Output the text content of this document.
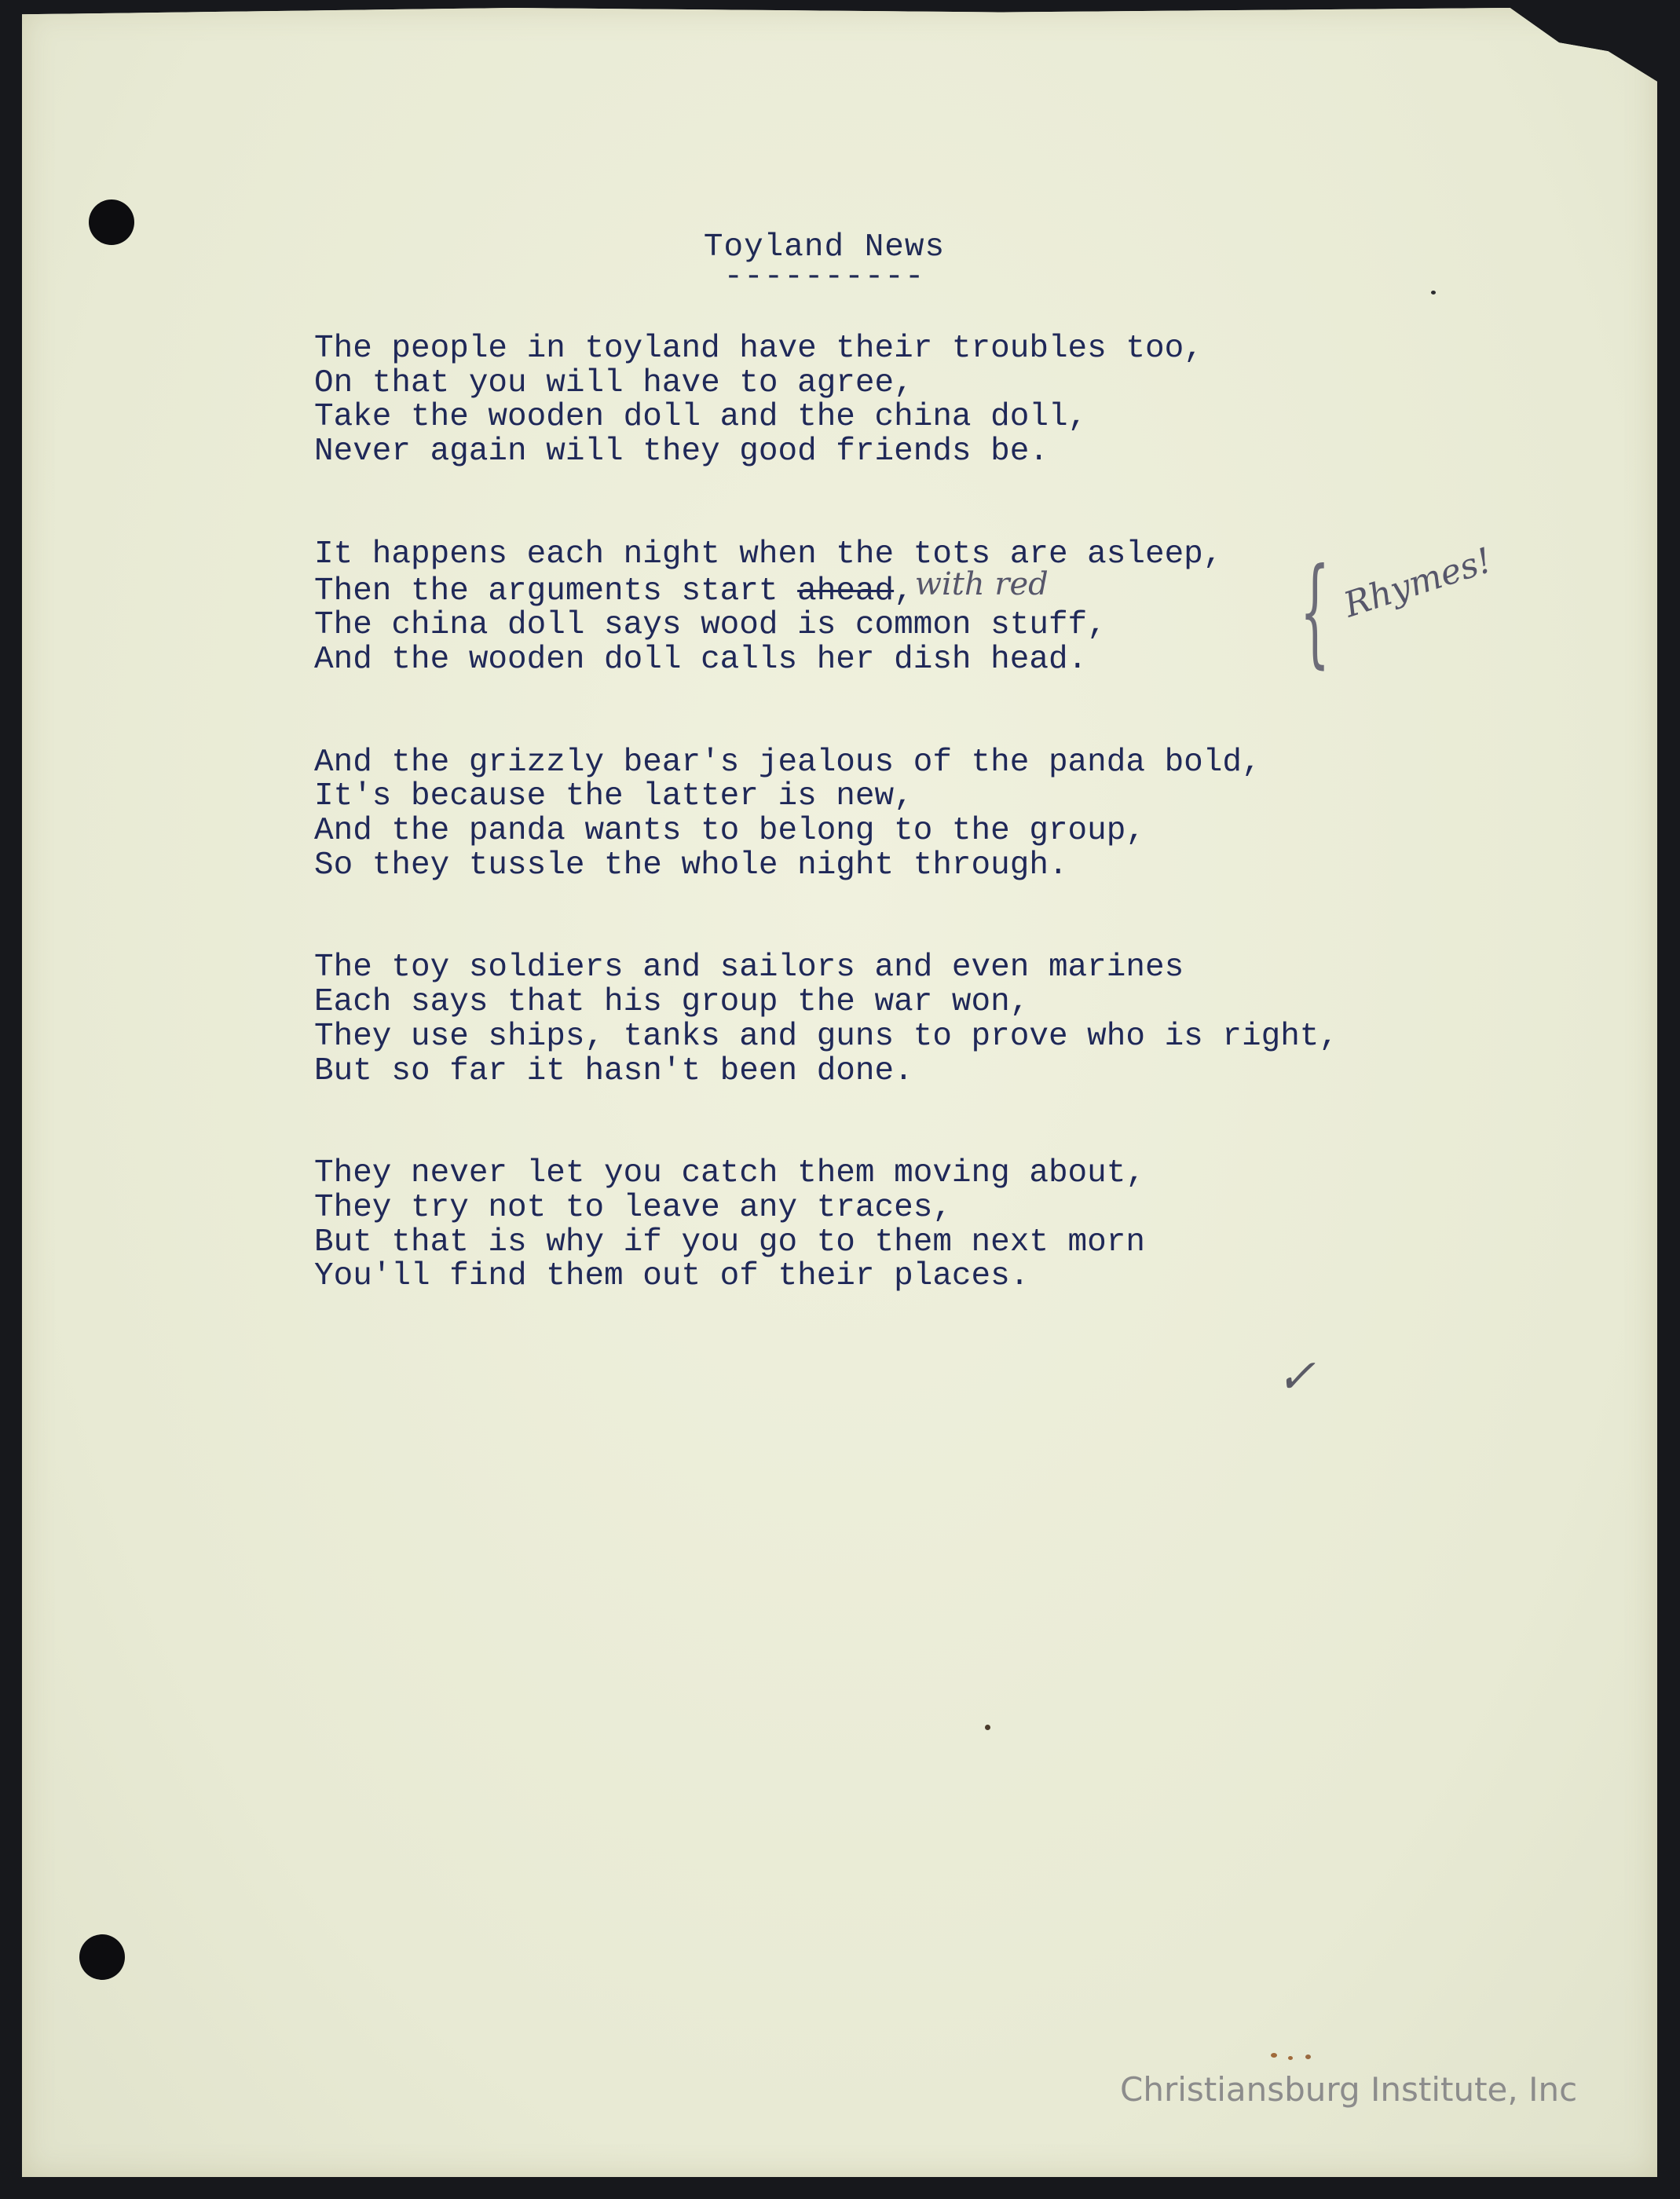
Toyland News
----------
The people in toyland have their troubles too,
On that you will have to agree,
Take the wooden doll and the china doll,
Never again will they good friends be.
It happens each night when the tots are asleep,
Then the arguments start ahead,with red
The china doll says wood is common stuff,
And the wooden doll calls her dish head.
And the grizzly bear's jealous of the panda bold,
It's because the latter is new,
And the panda wants to belong to the group,
So they tussle the whole night through.
The toy soldiers and sailors and even marines
Each says that his group the war won,
They use ships, tanks and guns to prove who is right,
But so far it hasn't been done.
They never let you catch them moving about,
They try not to leave any traces,
But that is why if you go to them next morn
You'll find them out of their places.
{ Rhymes!
✓
Christiansburg Institute, Inc
